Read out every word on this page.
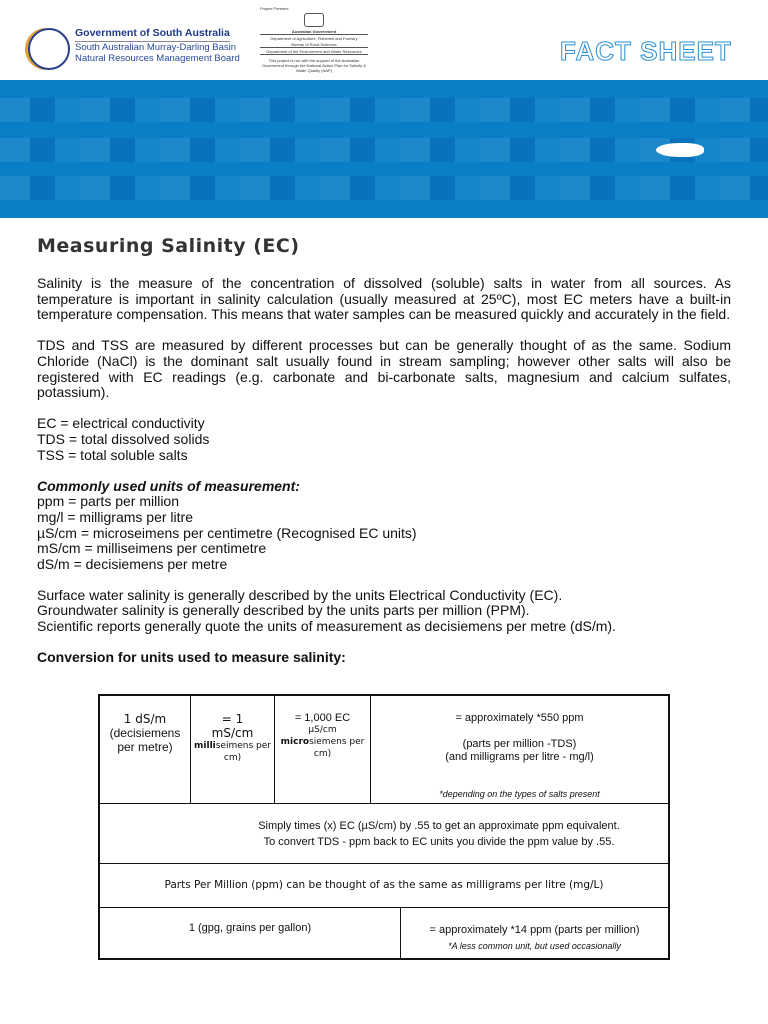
Government of South Australia
South Australian Murray-Darling Basin
Natural Resources Management Board
Project Partners
Australian Government
Department of Agriculture, Fisheries and Forestry
Bureau of Rural Sciences
Department of the Environment and Water Resources
This project is run with the support of the Australian Government through the National Action Plan for Salinity & Water Quality (NAP)
FACT SHEET
Measuring Salinity (EC)

Salinity is the measure of the concentration of dissolved (soluble) salts in water from all sources. As temperature is important in salinity calculation (usually measured at 25ºC), most EC meters have a built-in temperature compensation. This means that water samples can be measured quickly and accurately in the field.

TDS and TSS are measured by different processes but can be generally thought of as the same. Sodium Chloride (NaCl) is the dominant salt usually found in stream sampling; however other salts will also be registered with EC readings (e.g. carbonate and bi-carbonate salts, magnesium and calcium sulfates, potassium).

EC = electrical conductivity
TDS = total dissolved solids
TSS = total soluble salts

Commonly used units of measurement:
ppm = parts per million
mg/l = milligrams per litre
µS/cm = microseimens per centimetre (Recognised EC units)
mS/cm = milliseimens per centimetre
dS/m = decisiemens per metre

Surface water salinity is generally described by the units Electrical Conductivity (EC).
Groundwater salinity is generally described by the units parts per million (PPM).
Scientific reports generally quote the units of measurement as decisiemens per metre (dS/m).

Conversion for units used to measure salinity:

1 dS/m
(decisiemens per metre)
= 1
mS/cm
milliseimens per cm)
= 1,000 EC
µS/cm
microsiemens per cm)
= approximately *550 ppm

(parts per million -TDS)
(and milligrams per litre - mg/l)
*depending on the types of salts present
Simply times (x) EC (µS/cm) by .55 to get an approximate ppm equivalent.
To convert TDS - ppm back to EC units you divide the ppm value by .55.
Parts Per Million (ppm) can be thought of as the same as milligrams per litre (mg/L)
1 (gpg, grains per gallon)	= approximately *14 ppm (parts per million)
*A less common unit, but used occasionally
